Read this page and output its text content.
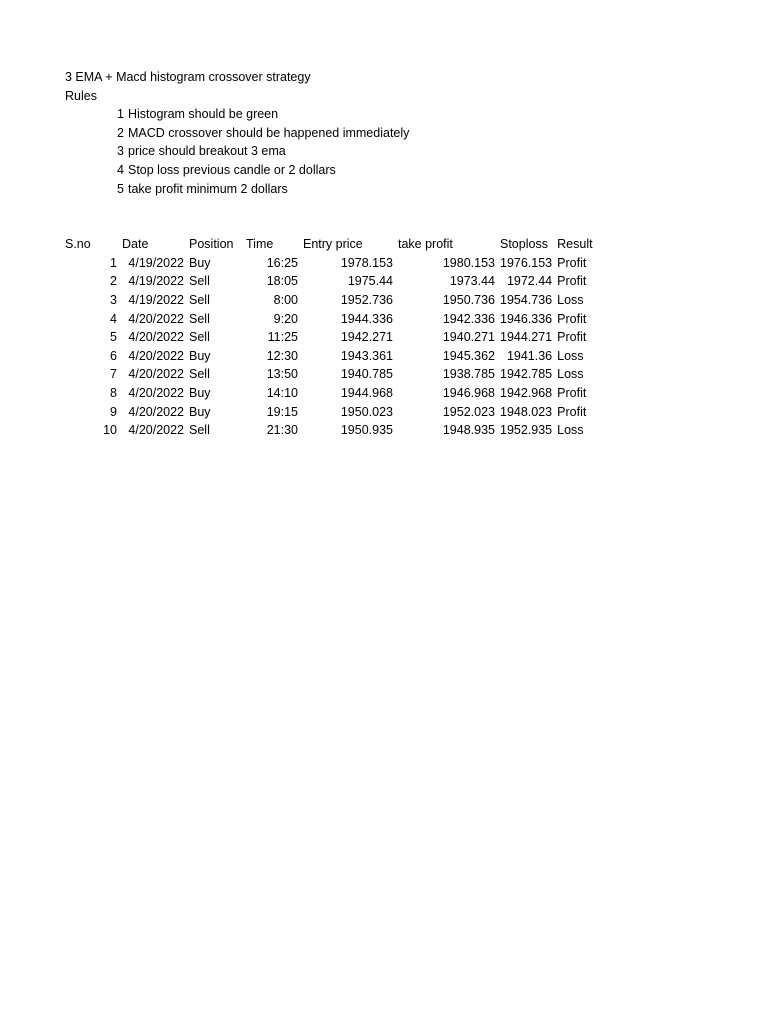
3 EMA + Macd histogram crossover strategy
Rules
1 Histogram should be green
2 MACD crossover should be happened immediately
3 price should breakout 3 ema
4 Stop loss previous candle or 2 dollars
5 take profit minimum 2 dollars
S.no	Date	Position	Time	Entry price	take profit	Stoploss	Result
1	4/19/2022	Buy	16:25	1978.153	1980.153	1976.153	Profit
2	4/19/2022	Sell	18:05	1975.44	1973.44	1972.44	Profit
3	4/19/2022	Sell	8:00	1952.736	1950.736	1954.736	Loss
4	4/20/2022	Sell	9:20	1944.336	1942.336	1946.336	Profit
5	4/20/2022	Sell	11:25	1942.271	1940.271	1944.271	Profit
6	4/20/2022	Buy	12:30	1943.361	1945.362	1941.36	Loss
7	4/20/2022	Sell	13:50	1940.785	1938.785	1942.785	Loss
8	4/20/2022	Buy	14:10	1944.968	1946.968	1942.968	Profit
9	4/20/2022	Buy	19:15	1950.023	1952.023	1948.023	Profit
10	4/20/2022	Sell	21:30	1950.935	1948.935	1952.935	Loss
